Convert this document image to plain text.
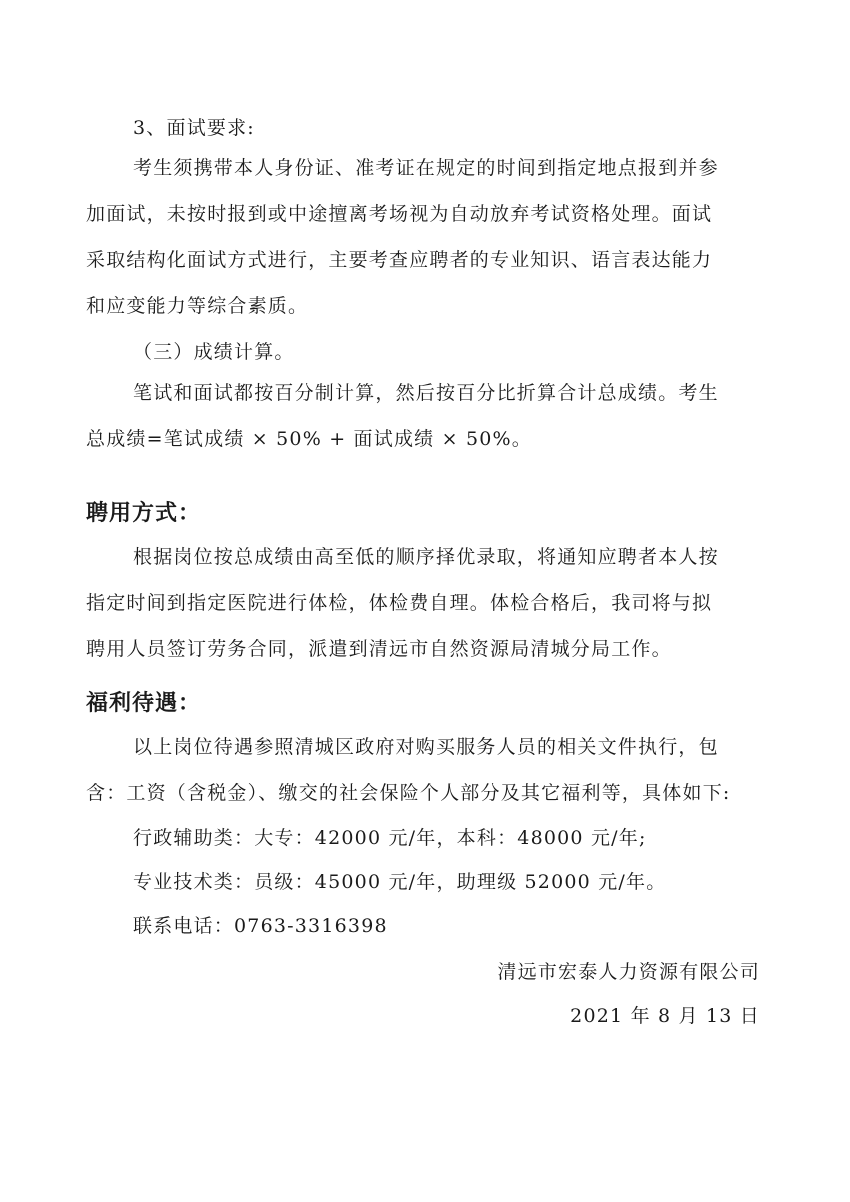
3、面试要求:
考生须携带本人身份证、准考证在规定的时间到指定地点报到并参
加面试，未按时报到或中途擅离考场视为自动放弃考试资格处理。面试
采取结构化面试方式进行，主要考查应聘者的专业知识、语言表达能力
和应变能力等综合素质。
（三）成绩计算。
笔试和面试都按百分制计算，然后按百分比折算合计总成绩。考生
总成绩=笔试成绩 × 50% + 面试成绩 × 50%。
聘用方式：
根据岗位按总成绩由高至低的顺序择优录取，将通知应聘者本人按
指定时间到指定医院进行体检，体检费自理。体检合格后，我司将与拟
聘用人员签订劳务合同，派遣到清远市自然资源局清城分局工作。
福利待遇：
以上岗位待遇参照清城区政府对购买服务人员的相关文件执行，包
含：工资（含税金）、缴交的社会保险个人部分及其它福利等，具体如下:
行政辅助类：大专：42000 元/年，本科：48000 元/年;
专业技术类：员级：45000 元/年，助理级 52000 元/年。
联系电话：0763-3316398
清远市宏泰人力资源有限公司
2021 年 8 月 13 日
